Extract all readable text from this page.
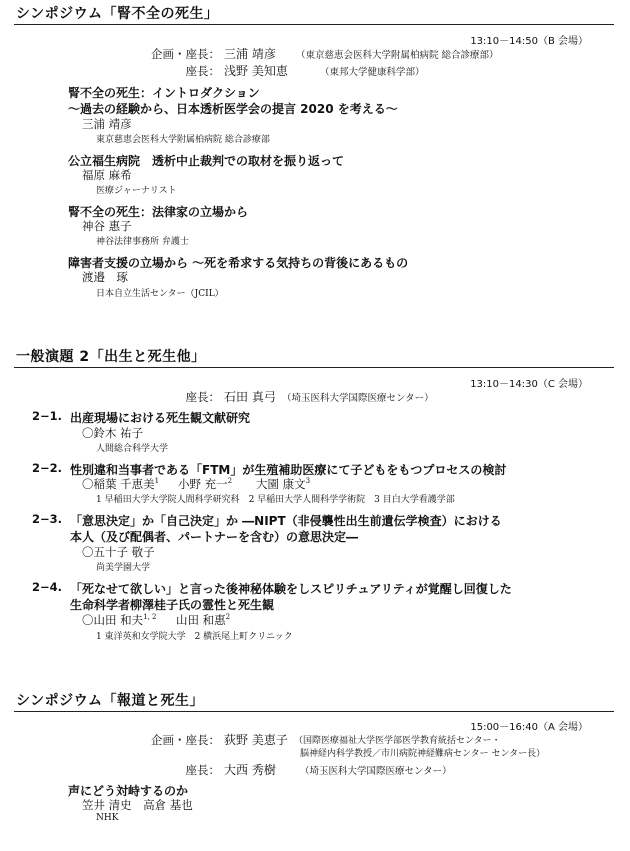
シンポジウム「腎不全の死生」
13:10－14:50（B 会場）
企画・座長： 三浦 靖彦 （東京慈恵会医科大学附属柏病院 総合診療部）
座長： 浅野 美知恵	（東邦大学健康科学部）
腎不全の死生：イントロダクション
～過去の経験から、日本透析医学会の提言 2020 を考える～
三浦 靖彦
東京慈恵会医科大学附属柏病院 総合診療部
公立福生病院　透析中止裁判での取材を振り返って
福原 麻希
医療ジャーナリスト
腎不全の死生：法律家の立場から
神谷 惠子
神谷法律事務所 弁護士
障害者支援の立場から ～死を希求する気持ちの背後にあるもの
渡邉　琢
日本自立生活センター（JCIL）
一般演題 2「出生と死生他」
13:10－14:30（C 会場）
座長： 石田 真弓 （埼玉医科大学国際医療センター）
2−1. 出産現場における死生観文献研究
〇鈴木 祐子
人間総合科学大学
2−2. 性別違和当事者である「FTM」が生殖補助医療にて子どもをもつプロセスの検討
〇稲葉 千恵美$^1$ 小野 充一$^2$ 大園 康文$^3$
1 早稲田大学大学院人間科学研究科　2 早稲田大学人間科学学術院　3 目白大学看護学部
2−3. 「意思決定」か「自己決定」か ―NIPT（非侵襲性出生前遺伝学検査）における
本人（及び配偶者、パートナーを含む）の意思決定―
〇五十子 敬子
尚美学園大学
2−4. 「死なせて欲しい」と言った後神秘体験をしスピリチュアリティが覚醒し回復した
生命科学者柳澤桂子氏の霊性と死生観
〇山田 和夫$^{1, 2}$ 山田 和惠$^2$
1 東洋英和女学院大学　2 横浜尾上町クリニック
シンポジウム「報道と死生」
15:00－16:40（A 会場）
企画・座長： 荻野 美恵子 （国際医療福祉大学医学部医学教育統括センター・
脳神経内科学教授／市川病院神経難病センター センター長）
座長： 大西 秀樹	（埼玉医科大学国際医療センター）
声にどう対峙するのか
笠井 清史　高倉 基也
NHK
